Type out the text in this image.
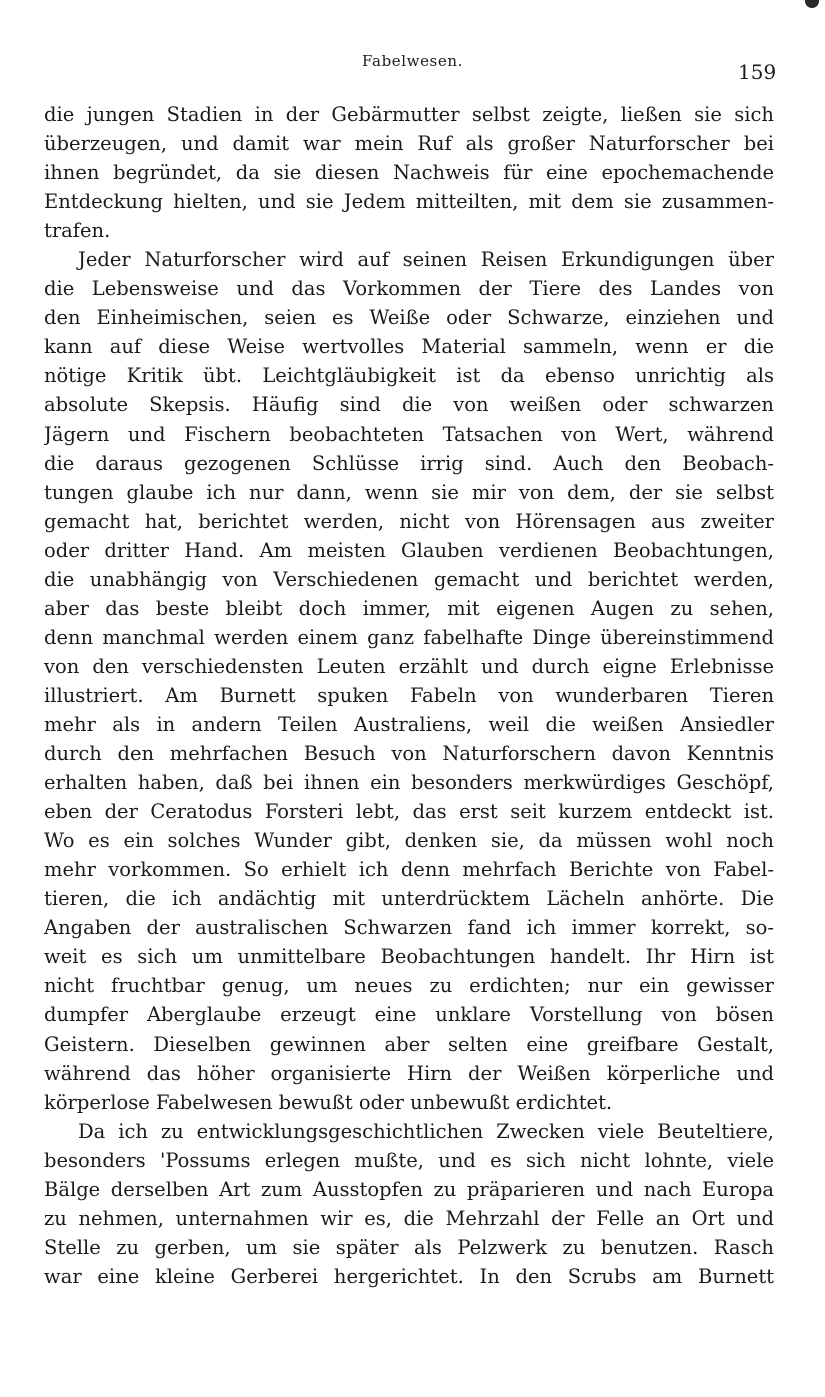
Fabelwesen.	159
die jungen Stadien in der Gebärmutter selbst zeigte, ließen sie sich
überzeugen, und damit war mein Ruf als großer Naturforscher bei
ihnen begründet, da sie diesen Nachweis für eine epochemachende
Entdeckung hielten, und sie Jedem mitteilten, mit dem sie zusammen-
trafen.
Jeder Naturforscher wird auf seinen Reisen Erkundigungen über
die Lebensweise und das Vorkommen der Tiere des Landes von
den Einheimischen, seien es Weiße oder Schwarze, einziehen und
kann auf diese Weise wertvolles Material sammeln, wenn er die
nötige Kritik übt. Leichtgläubigkeit ist da ebenso unrichtig als
absolute Skepsis. Häufig sind die von weißen oder schwarzen
Jägern und Fischern beobachteten Tatsachen von Wert, während
die daraus gezogenen Schlüsse irrig sind. Auch den Beobach-
tungen glaube ich nur dann, wenn sie mir von dem, der sie selbst
gemacht hat, berichtet werden, nicht von Hörensagen aus zweiter
oder dritter Hand. Am meisten Glauben verdienen Beobachtungen,
die unabhängig von Verschiedenen gemacht und berichtet werden,
aber das beste bleibt doch immer, mit eigenen Augen zu sehen,
denn manchmal werden einem ganz fabelhafte Dinge übereinstimmend
von den verschiedensten Leuten erzählt und durch eigne Erlebnisse
illustriert. Am Burnett spuken Fabeln von wunderbaren Tieren
mehr als in andern Teilen Australiens, weil die weißen Ansiedler
durch den mehrfachen Besuch von Naturforschern davon Kenntnis
erhalten haben, daß bei ihnen ein besonders merkwürdiges Geschöpf,
eben der Ceratodus Forsteri lebt, das erst seit kurzem entdeckt ist.
Wo es ein solches Wunder gibt, denken sie, da müssen wohl noch
mehr vorkommen. So erhielt ich denn mehrfach Berichte von Fabel-
tieren, die ich andächtig mit unterdrücktem Lächeln anhörte. Die
Angaben der australischen Schwarzen fand ich immer korrekt, so-
weit es sich um unmittelbare Beobachtungen handelt. Ihr Hirn ist
nicht fruchtbar genug, um neues zu erdichten; nur ein gewisser
dumpfer Aberglaube erzeugt eine unklare Vorstellung von bösen
Geistern. Dieselben gewinnen aber selten eine greifbare Gestalt,
während das höher organisierte Hirn der Weißen körperliche und
körperlose Fabelwesen bewußt oder unbewußt erdichtet.
Da ich zu entwicklungsgeschichtlichen Zwecken viele Beuteltiere,
besonders 'Possums erlegen mußte, und es sich nicht lohnte, viele
Bälge derselben Art zum Ausstopfen zu präparieren und nach Europa
zu nehmen, unternahmen wir es, die Mehrzahl der Felle an Ort und
Stelle zu gerben, um sie später als Pelzwerk zu benutzen. Rasch
war eine kleine Gerberei hergerichtet. In den Scrubs am Burnett
